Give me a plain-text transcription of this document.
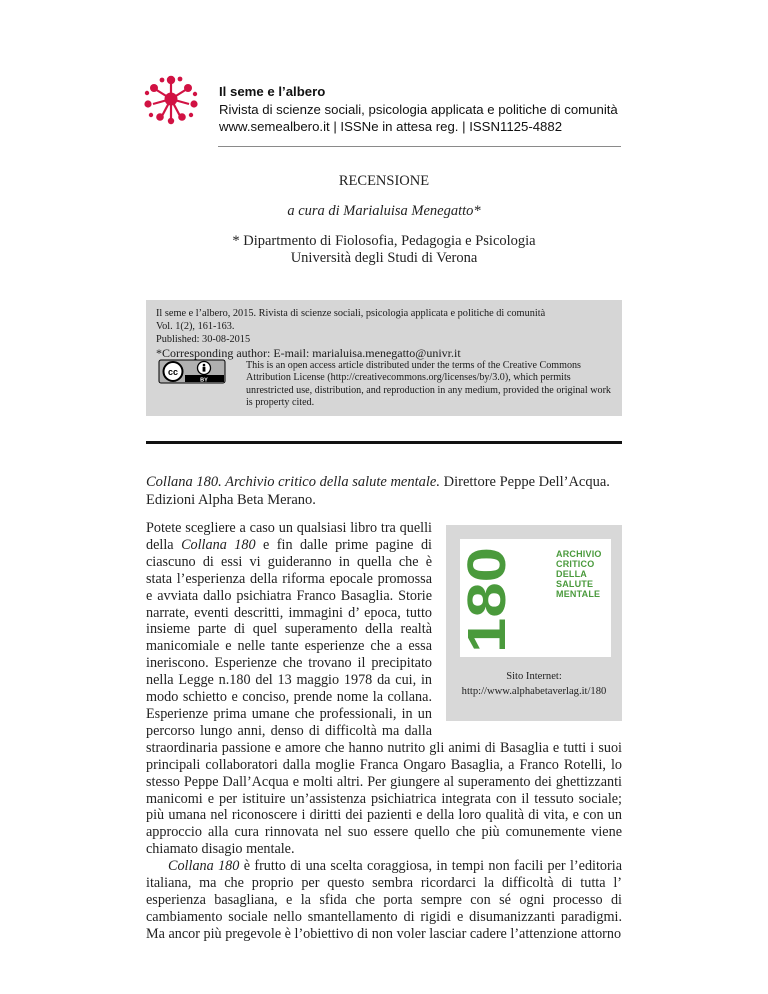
Il seme e l’albero
Rivista di scienze sociali, psicologia applicata e politiche di comunità
www.semealbero.it | ISSNe in attesa reg. | ISSN1125-4882
RECENSIONE
a cura di Marialuisa Menegatto*
* Dipartmento di Fiolosofia, Pedagogia e Psicologia
Università degli Studi di Verona
Il seme e l’albero, 2015. Rivista di scienze sociali, psicologia applicata e politiche di comunità
Vol. 1(2), 161-163.
Published: 30-08-2015
*Corresponding author: E-mail: marialuisa.menegatto@univr.it
cc
BY
This is an open access article distributed under the terms of the Creative Commons Attribution License (http://creativecommons.org/licenses/by/3.0), which permits unrestricted use, distribution, and reproduction in any medium, provided the original work is property cited.
Collana 180. Archivio critico della salute mentale. Direttore Peppe Dell’Acqua.
Edizioni Alpha Beta Merano.
180
ARCHIVIO
CRITICO
DELLA
SALUTE
MENTALE
Sito Internet:
http://www.alphabetaverlag.it/180

Potete scegliere a caso un qualsiasi libro tra quelli della Collana 180 e fin dalle prime pagine di ciascuno di essi vi guideranno in quella che è stata l’esperienza della riforma epocale promossa e avviata dallo psichiatra Franco Basaglia. Storie narrate, eventi descritti, immagini d’ epoca, tutto insieme parte di quel superamento della realtà manicomiale e nelle tante esperienze che a essa ineriscono. Esperienze che trovano il precipitato nella Legge n.180 del 13 maggio 1978 da cui, in modo schietto e conciso, prende nome la collana. Esperienze prima umane che professionali, in un percorso lungo anni, denso di difficoltà ma dalla straordinaria passione e amore che hanno nutrito gli animi di Basaglia e tutti i suoi principali collaboratori dalla moglie Franca Ongaro Basaglia, a Franco Rotelli, lo stesso Peppe Dall’Acqua e molti altri. Per giungere al superamento dei ghettizzanti manicomi e per istituire un’assistenza psichiatrica integrata con il tessuto sociale; più umana nel riconoscere i diritti dei pazienti e della loro qualità di vita, e con un approccio alla cura rinnovata nel suo essere quello che più comunemente viene chiamato disagio mentale.

Collana 180 è frutto di una scelta coraggiosa, in tempi non facili per l’editoria italiana, ma che proprio per questo sembra ricordarci la difficoltà di tutta l’ esperienza basagliana, e la sfida che porta sempre con sé ogni processo di cambiamento sociale nello smantellamento di rigidi e disumanizzanti paradigmi. Ma ancor più pregevole è l’obiettivo di non voler lasciar cadere l’attenzione attorno
